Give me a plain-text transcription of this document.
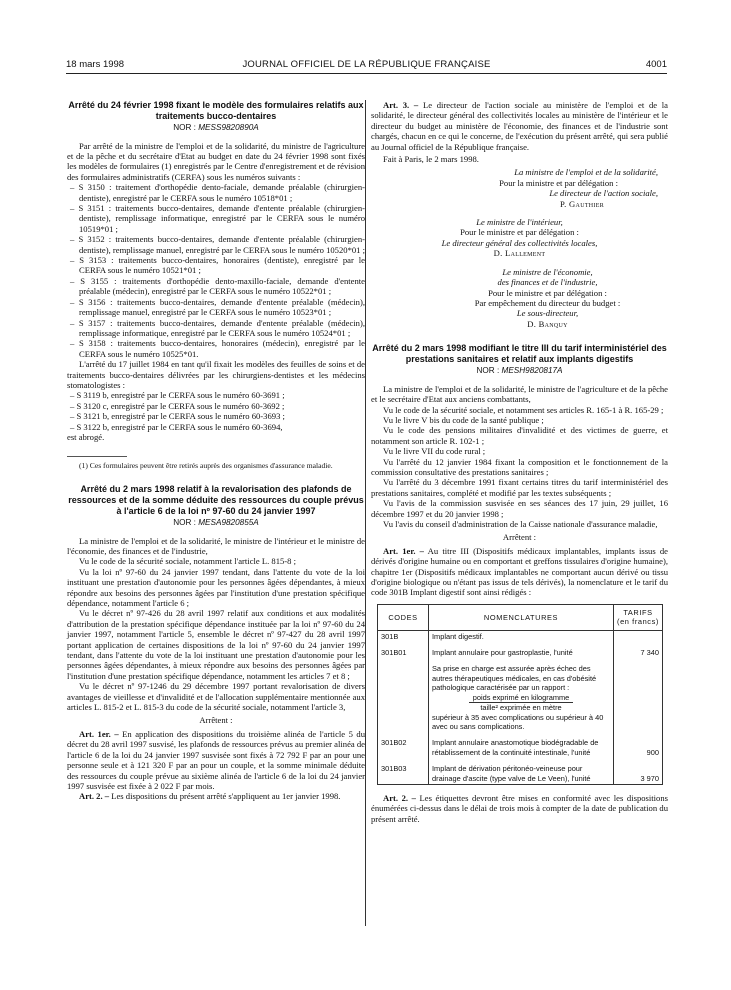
18 mars 1998	JOURNAL OFFICIEL DE LA RÉPUBLIQUE FRANÇAISE	4001

Arrêté du 24 février 1998 fixant le modèle des formulaires relatifs aux traitements bucco-dentaires

NOR : MESS9820890A

Par arrêté de la ministre de l'emploi et de la solidarité, du ministre de l'agriculture et de la pêche et du secrétaire d'Etat au budget en date du 24 février 1998 sont fixés les modèles de formulaires (1) enregistrés par le Centre d'enregistrement et de révision des formulaires administratifs (CERFA) sous les numéros suivants :

– S 3150 : traitement d'orthopédie dento-faciale, demande préalable (chirurgien-dentiste), enregistré par le CERFA sous le numéro 10518*01 ;

– S 3151 : traitements bucco-dentaires, demande d'entente préalable (chirurgien-dentiste), remplissage informatique, enregistré par le CERFA sous le numéro 10519*01 ;

– S 3152 : traitements bucco-dentaires, demande d'entente préalable (chirurgien-dentiste), remplissage manuel, enregistré par le CERFA sous le numéro 10520*01 ;

– S 3153 : traitements bucco-dentaires, honoraires (dentiste), enregistré par le CERFA sous le numéro 10521*01 ;

– S 3155 : traitements d'orthopédie dento-maxillo-faciale, demande d'entente préalable (médecin), enregistré par le CERFA sous le numéro 10522*01 ;

– S 3156 : traitements bucco-dentaires, demande d'entente préalable (médecin), remplissage manuel, enregistré par le CERFA sous le numéro 10523*01 ;

– S 3157 : traitements bucco-dentaires, demande d'entente préalable (médecin), remplissage informatique, enregistré par le CERFA sous le numéro 10524*01 ;

– S 3158 : traitements bucco-dentaires, honoraires (médecin), enregistré par le CERFA sous le numéro 10525*01.

L'arrêté du 17 juillet 1984 en tant qu'il fixait les modèles des feuilles de soins et de traitements bucco-dentaires délivrées par les chirurgiens-dentistes et les médecins stomatologistes :

– S 3119 b, enregistré par le CERFA sous le numéro 60-3691 ;

– S 3120 c, enregistré par le CERFA sous le numéro 60-3692 ;

– S 3121 b, enregistré par le CERFA sous le numéro 60-3693 ;

– S 3122 b, enregistré par le CERFA sous le numéro 60-3694,

est abrogé.

(1) Ces formulaires peuvent être retirés auprès des organismes d'assurance maladie.

Arrêté du 2 mars 1998 relatif à la revalorisation des plafonds de ressources et de la somme déduite des ressources du couple prévus à l'article 6 de la loi nº 97-60 du 24 janvier 1997

NOR : MESA9820855A

La ministre de l'emploi et de la solidarité, le ministre de l'intérieur et le ministre de l'économie, des finances et de l'industrie,

Vu le code de la sécurité sociale, notamment l'article L. 815-8 ;

Vu la loi nº 97-60 du 24 janvier 1997 tendant, dans l'attente du vote de la loi instituant une prestation d'autonomie pour les personnes âgées dépendantes, à mieux répondre aux besoins des personnes âgées par l'institution d'une prestation spécifique dépendance, notamment l'article 6 ;

Vu le décret nº 97-426 du 28 avril 1997 relatif aux conditions et aux modalités d'attribution de la prestation spécifique dépendance instituée par la loi nº 97-60 du 24 janvier 1997, notamment l'article 5, ensemble le décret nº 97-427 du 28 avril 1997 portant application de certaines dispositions de la loi nº 97-60 du 24 janvier 1997 tendant, dans l'attente du vote de la loi instituant une prestation d'autonomie pour les personnes âgées dépendantes, à mieux répondre aux besoins des personnes âgées par l'institution d'une prestation spécifique dépendance, notamment les articles 7 et 8 ;

Vu le décret nº 97-1246 du 29 décembre 1997 portant revalorisation de divers avantages de vieillesse et d'invalidité et de l'allocation supplémentaire mentionnée aux articles L. 815-2 et L. 815-3 du code de la sécurité sociale, notamment l'article 3,

Arrêtent :

Art. 1er. – En application des dispositions du troisième alinéa de l'article 5 du décret du 28 avril 1997 susvisé, les plafonds de ressources prévus au premier alinéa de l'article 6 de la loi du 24 janvier 1997 susvisée sont fixés à 72 792 F par an pour une personne seule et à 121 320 F par an pour un couple, et la somme minimale déduite des ressources du couple prévue au sixième alinéa de l'article 6 de la loi du 24 janvier 1997 susvisée est fixée à 2 022 F par mois.

Art. 2. – Les dispositions du présent arrêté s'appliquent au 1er janvier 1998.

Art. 3. – Le directeur de l'action sociale au ministère de l'emploi et de la solidarité, le directeur général des collectivités locales au ministère de l'intérieur et le directeur du budget au ministère de l'économie, des finances et de l'industrie sont chargés, chacun en ce qui le concerne, de l'exécution du présent arrêté, qui sera publié au Journal officiel de la République française.

Fait à Paris, le 2 mars 1998.

La ministre de l'emploi et de la solidarité,
Pour la ministre et par délégation :
Le directeur de l'action sociale,
P. Gauthier
Le ministre de l'intérieur,
Pour le ministre et par délégation :
Le directeur général des collectivités locales,
D. Lallement
Le ministre de l'économie,
des finances et de l'industrie,
Pour le ministre et par délégation :
Par empêchement du directeur du budget :
Le sous-directeur,
D. Banquy

Arrêté du 2 mars 1998 modifiant le titre III du tarif interministériel des prestations sanitaires et relatif aux implants digestifs

NOR : MESH9820817A

La ministre de l'emploi et de la solidarité, le ministre de l'agriculture et de la pêche et le secrétaire d'Etat aux anciens combattants,

Vu le code de la sécurité sociale, et notamment ses articles R. 165-1 à R. 165-29 ;

Vu le livre V bis du code de la santé publique ;

Vu le code des pensions militaires d'invalidité et des victimes de guerre, et notamment son article R. 102-1 ;

Vu le livre VII du code rural ;

Vu l'arrêté du 12 janvier 1984 fixant la composition et le fonctionnement de la commission consultative des prestations sanitaires ;

Vu l'arrêté du 3 décembre 1991 fixant certains titres du tarif interministériel des prestations sanitaires, complété et modifié par les textes subséquents ;

Vu l'avis de la commission susvisée en ses séances des 17 juin, 29 juillet, 16 décembre 1997 et du 20 janvier 1998 ;

Vu l'avis du conseil d'administration de la Caisse nationale d'assurance maladie,

Arrêtent :

Art. 1er. – Au titre III (Dispositifs médicaux implantables, implants issus de dérivés d'origine humaine ou en comportant et greffons tissulaires d'origine humaine), chapitre 1er (Dispositifs médicaux implantables ne comportant aucun dérivé ou tissu d'origine biologique ou n'étant pas issus de tels dérivés), la nomenclature et le tarif du code 301B Implant digestif sont ainsi rédigés :

CODES	NOMENCLATURES	TARIFS
(en francs)
301B	Implant digestif.	

301B01	Implant annulaire pour gastroplastie, l'unité	7 340

	Sa prise en charge est assurée après échec des autres thérapeutiques médicales, en cas d'obésité pathologique caractérisée par un rapport :
poids exprimé en kilogramme
taille² exprimée en mètre
supérieur à 35 avec complications ou supérieur à 40 avec ou sans complications.	

301B02	Implant annulaire anastomotique biodégradable de rétablissement de la continuité intestinale, l'unité	900
301B03	Implant de dérivation péritonéo-veineuse pour drainage d'ascite (type valve de Le Veen), l'unité	3 970

Art. 2. – Les étiquettes devront être mises en conformité avec les dispositions énumérées ci-dessus dans le délai de trois mois à compter de la date de publication du présent arrêté.
